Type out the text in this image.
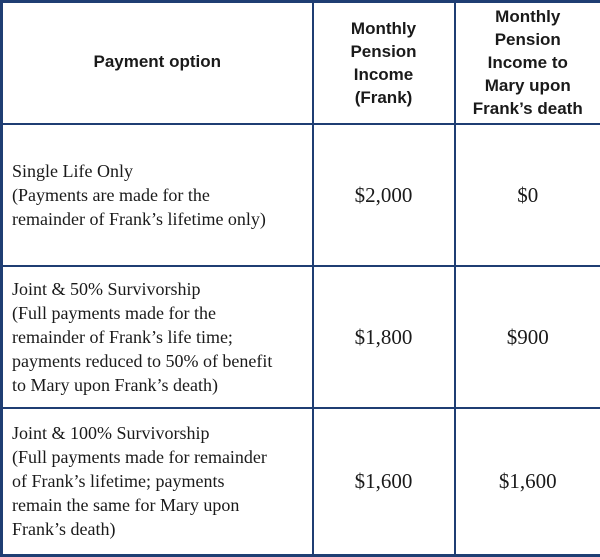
Payment option	Monthly
Pension
Income
(Frank)	Monthly
Pension
Income to
Mary upon
Frank’s death

Single Life Only
(Payments are made for the
remainder of Frank’s lifetime only)	$2,000	$0

Joint & 50% Survivorship
(Full payments made for the
remainder of Frank’s life time;
payments reduced to 50% of benefit
to Mary upon Frank’s death)	$1,800	$900

Joint & 100% Survivorship
(Full payments made for remainder
of Frank’s lifetime; payments
remain the same for Mary upon
Frank’s death)	$1,600	$1,600
